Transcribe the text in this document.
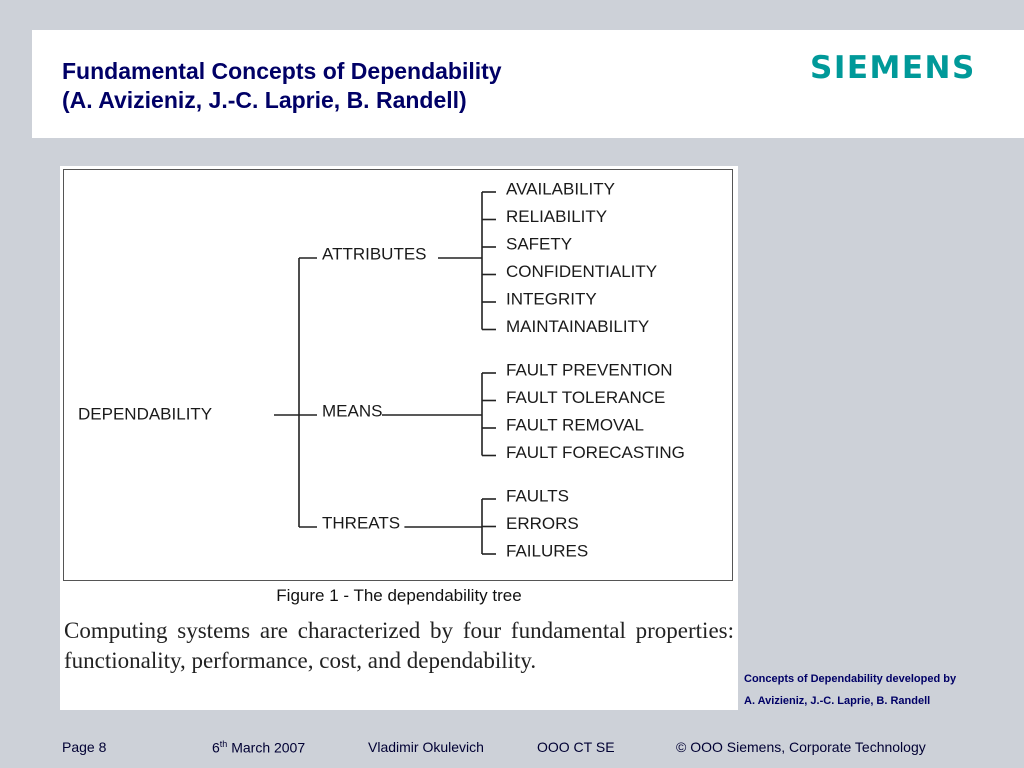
Fundamental Concepts of Dependability
(A. Avizieniz, J.-C. Laprie, B. Randell)
SIEMENS
DEPENDABILITY
ATTRIBUTES
AVAILABILITY
RELIABILITY
SAFETY
CONFIDENTIALITY
INTEGRITY
MAINTAINABILITY
MEANS
FAULT PREVENTION
FAULT TOLERANCE
FAULT REMOVAL
FAULT FORECASTING
THREATS
FAULTS
ERRORS
FAILURES
Figure 1 - The dependability tree

Computing systems are characterized by four fundamental properties: functionality, performance, cost, and dependability.

Concepts of Dependability developed by
A. Avizieniz, J.-C. Laprie, B. Randell
Page 8	6th March 2007	Vladimir Okulevich	OOO CT SE	© OOO Siemens, Corporate Technology
